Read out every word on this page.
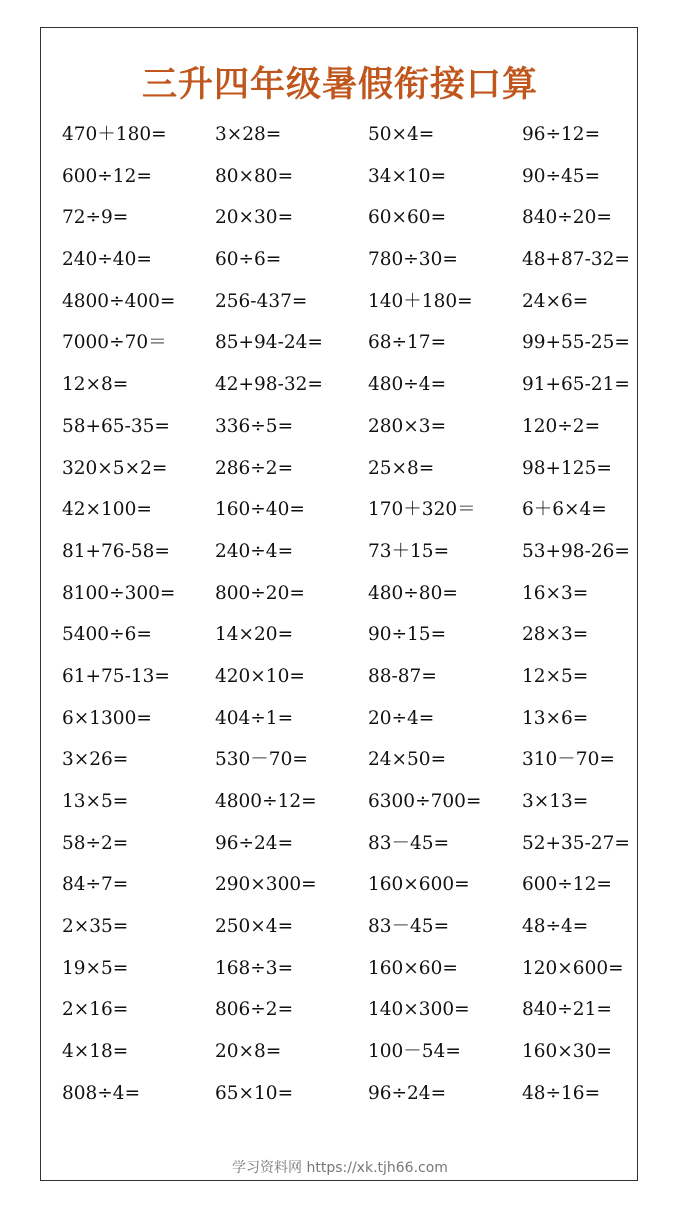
三升四年级暑假衔接口算
470＋180=	3×28=	50×4=	96÷12=
600÷12=	80×80=	34×10=	90÷45=
72÷9=	20×30=	60×60=	840÷20=
240÷40=	60÷6=	780÷30=	48+87-32=
4800÷400=	256-437=	140＋180=	24×6=
7000÷70＝	85+94-24=	68÷17=	99+55-25=
12×8=	42+98-32=	480÷4=	91+65-21=
58+65-35=	336÷5=	280×3=	120÷2=
320×5×2=	286÷2=	25×8=	98+125=
42×100=	160÷40=	170＋320＝	6＋6×4=
81+76-58=	240÷4=	73＋15=	53+98-26=
8100÷300=	800÷20=	480÷80=	16×3=
5400÷6=	14×20=	90÷15=	28×3=
61+75-13=	420×10=	88-87=	12×5=
6×1300=	404÷1=	20÷4=	13×6=
3×26=	530－70=	24×50=	310－70=
13×5=	4800÷12=	6300÷700=	3×13=
58÷2=	96÷24=	83－45=	52+35-27=
84÷7=	290×300=	160×600=	600÷12=
2×35=	250×4=	83－45=	48÷4=
19×5=	168÷3=	160×60=	120×600=
2×16=	806÷2=	140×300=	840÷21=
4×18=	20×8=	100－54=	160×30=
808÷4=	65×10=	96÷24=	48÷16=
学习资料网 https://xk.tjh66.com
